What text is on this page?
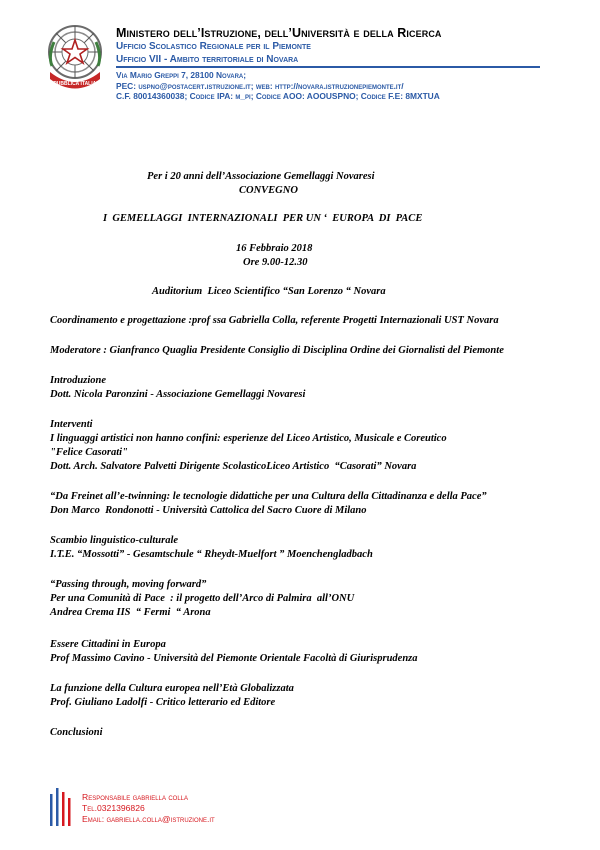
REPUBBLICA ITALIANA
Ministero dell’Istruzione, dell’Università e della Ricerca
Ufficio Scolastico Regionale per il Piemonte
Ufficio VII - Ambito territoriale di Novara
Via Mario Greppi 7, 28100 Novara;
PEC: uspno@postacert.istruzione.it; web: http://novara.istruzionepiemonte.it/
C.F. 80014360038; Codice IPA: m_pi; Codice AOO: AOOUSPNO; Codice F.E: 8MXTUA
Per i 20 anni dell’Associazione Gemellaggi Novaresi
CONVEGNO
I  GEMELLAGGI  INTERNAZIONALI  PER UN ‘  EUROPA  DI  PACE
16 Febbraio 2018
Ore 9.00-12.30
Auditorium  Liceo Scientifico “San Lorenzo “ Novara
Coordinamento e progettazione :prof ssa Gabriella Colla, referente Progetti Internazionali UST Novara
Moderatore : Gianfranco Quaglia Presidente Consiglio di Disciplina Ordine dei Giornalisti del Piemonte
Introduzione
Dott. Nicola Paronzini - Associazione Gemellaggi Novaresi
Interventi
I linguaggi artistici non hanno confini: esperienze del Liceo Artistico, Musicale e Coreutico
"Felice Casorati"
Dott. Arch. Salvatore Palvetti Dirigente ScolasticoLiceo Artistico  “Casorati” Novara
“Da Freinet all’e-twinning: le tecnologie didattiche per una Cultura della Cittadinanza e della Pace”
Don Marco  Rondonotti - Università Cattolica del Sacro Cuore di Milano
Scambio linguistico-culturale
I.T.E. “Mossotti” - Gesamtschule “ Rheydt-Muelfort ” Moenchengladbach
“Passing through, moving forward”
Per una Comunità di Pace  : il progetto dell’Arco di Palmira  all’ONU
Andrea Crema IIS  “ Fermi  “ Arona
Essere Cittadini in Europa
Prof Massimo Cavino - Università del Piemonte Orientale Facoltà di Giurisprudenza
La funzione della Cultura europea nell’Età Globalizzata
Prof. Giuliano Ladolfi - Critico letterario ed Editore
Conclusioni
Responsabile gabriella colla
Tel.0321396826
Email: gabriella.colla@istruzione.it
